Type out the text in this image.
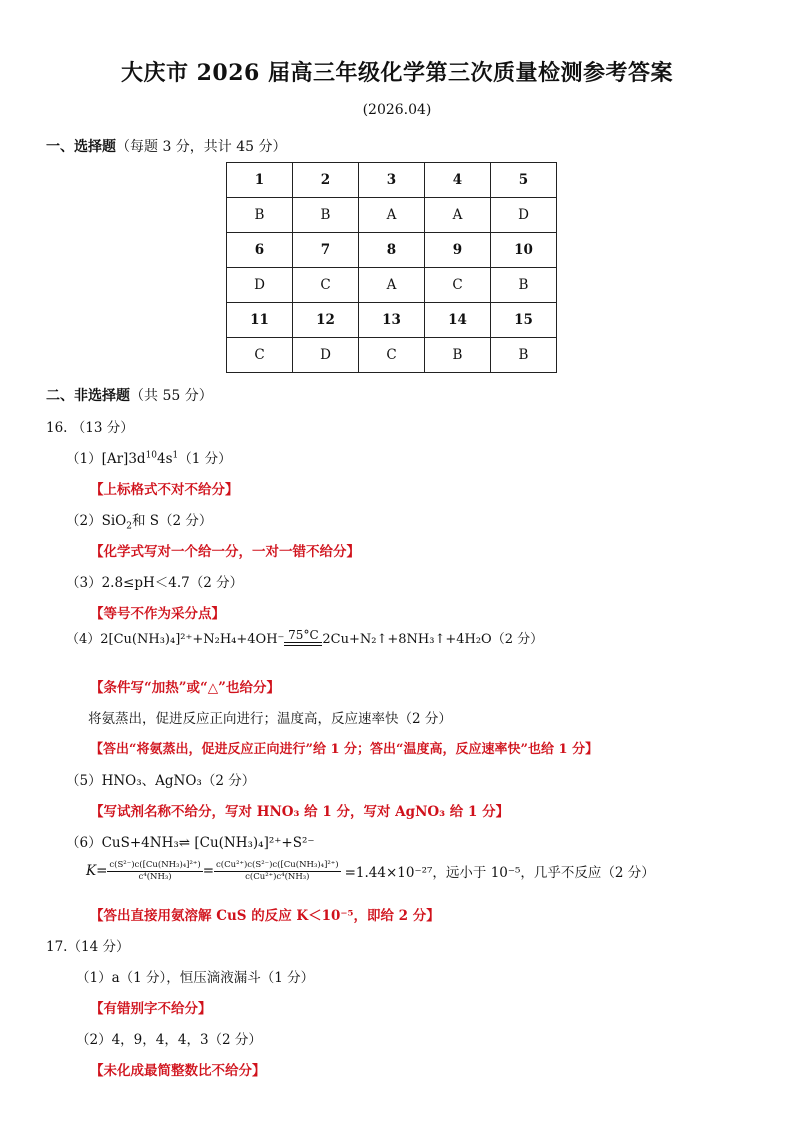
大庆市 2026 届高三年级化学第三次质量检测参考答案
(2026.04)
一、选择题（每题 3 分，共计 45 分）
1	2	3	4	5
B	B	A	A	D
6	7	8	9	10
D	C	A	C	B
11	12	13	14	15
C	D	C	B	B
二、非选择题（共 55 分）
16. （13 分）
$(1)[Ar]3d^{10}4s^1(1$ 分）
【上标格式不对不给分】
（2）SiO$_2$和 S（2 分）
【化学式写对一个给一分，一对一错不给分】
（3）2.8≤pH＜4.7（2 分）
【等号不作为采分点】
（4）2[Cu(NH₃)₄]²⁺+N₂H₄+4OH⁻ 75°C 2Cu+N₂↑+8NH₃↑+4H₂O（2 分）
【条件写“加热”或“△”也给分】
将氨蒸出，促进反应正向进行；温度高，反应速率快（2 分）
【答出“将氨蒸出，促进反应正向进行”给 1 分；答出“温度高，反应速率快”也给 1 分】
（5）HNO₃、AgNO₃（2 分）
【写试剂名称不给分，写对 HNO₃ 给 1 分，写对 AgNO₃ 给 1 分】
（6）CuS+4NH₃⇌ [Cu(NH₃)₄]²⁺+S²⁻
$K= \frac{\text{c(S²⁻)c([Cu(NH₃)₄]²⁺)}}{\text{c⁴(NH₃)}} = \frac{\text{c(Cu²⁺)c(S²⁻)c([Cu(NH₃)₄]²⁺)}}{\text{c(Cu²⁺)c⁴(NH₃)}} =1.44\times 10^{-27}$，远小于 10⁻⁵，几乎不反应（2 分）
【答出直接用氨溶解 CuS 的反应 K＜10⁻⁵，即给 2 分】
17.（14 分）
（1）a（1 分），恒压滴液漏斗（1 分）
【有错别字不给分】
（2）4，9，4，4，3（2 分）
【未化成最简整数比不给分】
